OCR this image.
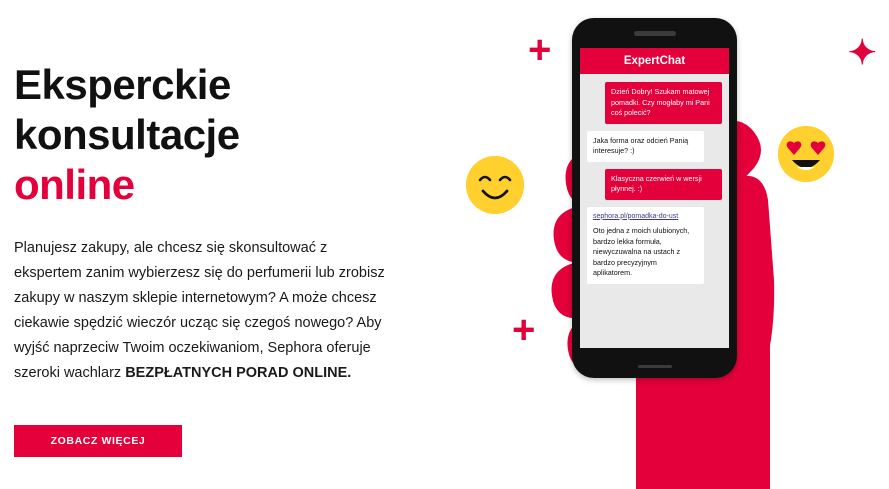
Eksperckie
konsultacje
online

Planujesz zakupy, ale chcesz się skonsultować z ekspertem zanim wybierzesz się do perfumerii lub zrobisz zakupy w naszym sklepie internetowym? A może chcesz ciekawie spędzić wieczór ucząc się czegoś nowego? Aby wyjść naprzeciw Twoim oczekiwaniom, Sephora oferuje szeroki wachlarz BEZPŁATNYCH PORAD ONLINE.

ZOBACZ WIĘCEJ
ExpertChat
Dzień Dobry! Szukam matowej pomadki. Czy mogłaby mi Pani coś polecić?
Jaka forma oraz odcień Panią interesuje? :)
Klasyczna czerwień w wersji płynnej. :)
sephora.pl/pomadka-do-ust
Oto jedna z moich ulubionych, bardzo lekka formuła, niewyczuwalna na ustach z bardzo precyzyjnym aplikatorem.
+
+
✦
